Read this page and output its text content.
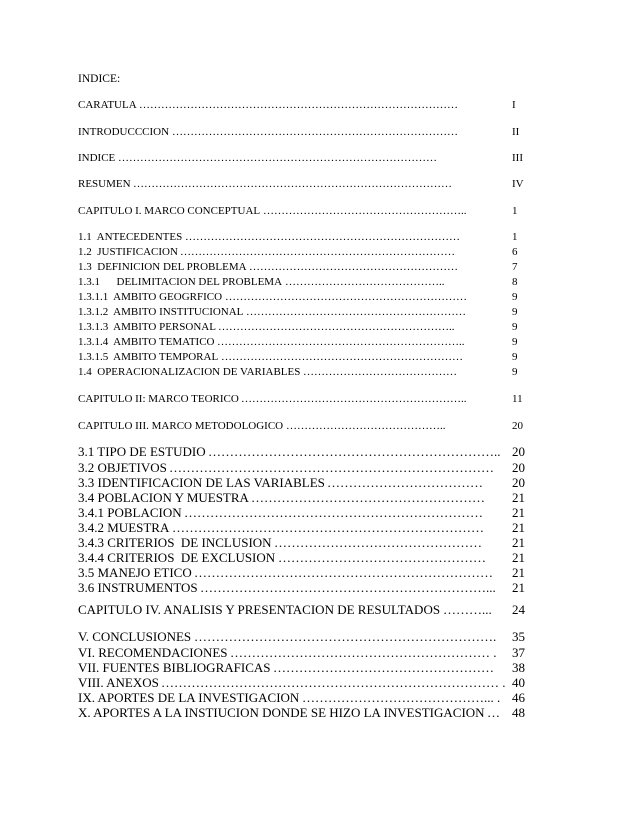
INDICE:
CARATULA ……………………………………………………………………………	I
INTRODUCCCION ……………………………………………………………………	II
INDICE ……………………………………………………………………………	III
RESUMEN ……………………………………………………………………………	IV
CAPITULO I. MARCO CONCEPTUAL ………………………………………………..	1
1.1  ANTECEDENTES …………………………………………………………………	1
1.2  JUSTIFICACION …………………………………………………………………	6
1.3  DEFINICION DEL PROBLEMA …………………………………………………	7
1.3.1      DELIMITACION DEL PROBLEMA ……………………………………..	8
1.3.1.1  AMBITO GEOGRFICO …………………………………………………………	9
1.3.1.2  AMBITO INSTITUCIONAL ……………………………………………………	9
1.3.1.3  AMBITO PERSONAL ………………………………………………………..	9
1.3.1.4  AMBITO TEMATICO …………………………………………………………..	9
1.3.1.5  AMBITO TEMPORAL …………………………………………………………	9
1.4  OPERACIONALIZACION DE VARIABLES ……………………………………	9
CAPITULO II: MARCO TEORICO ……………………………………………………..	11
CAPITULO III. MARCO METODOLOGICO ……………………………………..	20
3.1 TIPO DE ESTUDIO ………………………………………………………….. 20
3.2 OBJETIVOS ………………………………………………………………… 20
3.3 IDENTIFICACION DE LAS VARIABLES ………………………………	20
3.4 POBLACION Y MUESTRA ………………………………………………	21
3.4.1 POBLACION ……………………………………………………………	21
3.4.2 MUESTRA ………………………………………………………………	21
3.4.3 CRITERIOS  DE INCLUSION …………………………………………	21
3.4.4 CRITERIOS  DE EXCLUSION …………………………………………	21
3.5 MANEJO ETICO …………………………………………………………… 21
3.6 INSTRUMENTOS …………………………………………………………... 21
CAPITULO IV. ANALISIS Y PRESENTACION DE RESULTADOS ………... 24
V. CONCLUSIONES ……………………………………………………………. 35
VI. RECOMENDACIONES …………………………………………………… . 37
VII. FUENTES BIBLIOGRAFICAS …………………………………………… 38
VIII. ANEXOS …………………………………………………………………… . 40
IX. APORTES DE LA INVESTIGACION ……………………………………... . 46
X. APORTES A LA INSTIUCION DONDE SE HIZO LA INVESTIGACION … 48
